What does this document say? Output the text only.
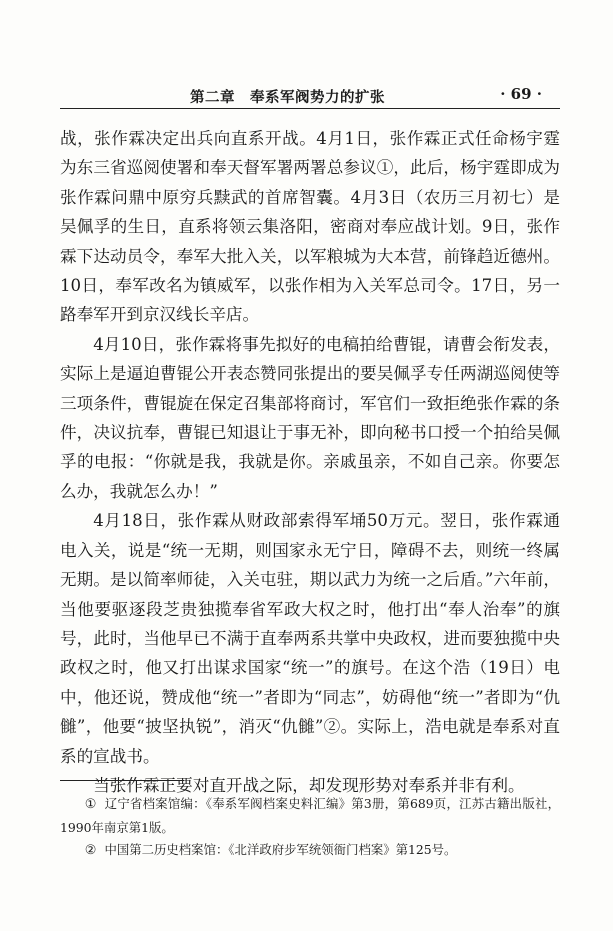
第二章　奉系军阀势力的扩张	· 69 ·

战，张作霖决定出兵向直系开战。4月1日，张作霖正式任命杨宇霆为东三省巡阅使署和奉天督军署两署总参议①，此后，杨宇霆即成为张作霖问鼎中原穷兵黩武的首席智囊。4月3日（农历三月初七）是吴佩孚的生日，直系将领云集洛阳，密商对奉应战计划。9日，张作霖下达动员令，奉军大批入关，以军粮城为大本营，前锋趋近德州。10日，奉军改名为镇威军，以张作相为入关军总司令。17日，另一路奉军开到京汉线长辛店。

4月10日，张作霖将事先拟好的电稿拍给曹锟，请曹会衔发表，实际上是逼迫曹锟公开表态赞同张提出的要吴佩孚专任两湖巡阅使等三项条件，曹锟旋在保定召集部将商讨，军官们一致拒绝张作霖的条件，决议抗奉，曹锟已知退让于事无补，即向秘书口授一个拍给吴佩孚的电报：“你就是我，我就是你。亲戚虽亲，不如自己亲。你要怎么办，我就怎么办！”

4月18日，张作霖从财政部索得军埇50万元。翌日，张作霖通电入关，说是“统一无期，则国家永无宁日，障碍不去，则统一终属无期。是以简率师徒，入关屯驻，期以武力为统一之后盾。”六年前，当他要驱逐段芝贵独揽奉省军政大权之时，他打出“奉人治奉”的旗号，此时，当他早已不满于直奉两系共掌中央政权，进而要独揽中央政权之时，他又打出谋求国家“统一”的旗号。在这个浩（19日）电中，他还说，赞成他“统一”者即为“同志”，妨碍他“统一”者即为“仇雠”，他要“披坚执锐”，消灭“仇雠”②。实际上，浩电就是奉系对直系的宣战书。

当张作霖正要对直开战之际，却发现形势对奉系并非有利。

① 辽宁省档案馆编：《奉系军阀档案史料汇编》第3册，第689页，江苏古籍出版社，1990年南京第1版。

② 中国第二历史档案馆：《北洋政府步军统领衙门档案》第125号。
